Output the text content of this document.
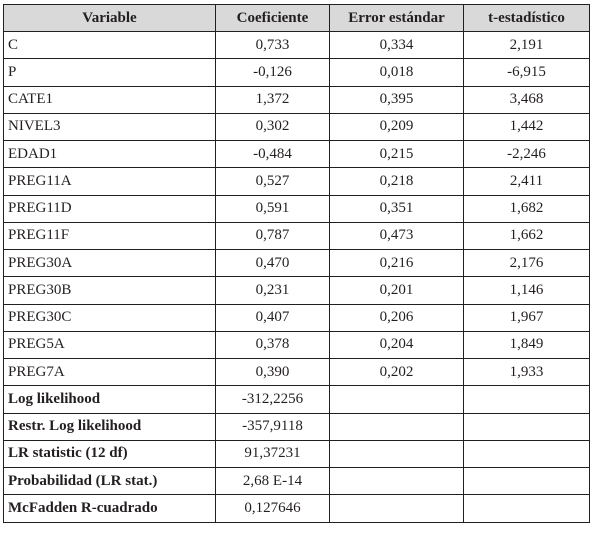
Variable	Coeficiente	Error estándar	t-estadístico
C	0,733	0,334	2,191
P	-0,126	0,018	-6,915
CATE1	1,372	0,395	3,468
NIVEL3	0,302	0,209	1,442
EDAD1	-0,484	0,215	-2,246
PREG11A	0,527	0,218	2,411
PREG11D	0,591	0,351	1,682
PREG11F	0,787	0,473	1,662
PREG30A	0,470	0,216	2,176
PREG30B	0,231	0,201	1,146
PREG30C	0,407	0,206	1,967
PREG5A	0,378	0,204	1,849
PREG7A	0,390	0,202	1,933
Log likelihood	-312,2256		
Restr. Log likelihood	-357,9118		
LR statistic (12 df)	91,37231		
Probabilidad (LR stat.)	2,68 E-14		
McFadden R-cuadrado	0,127646		
